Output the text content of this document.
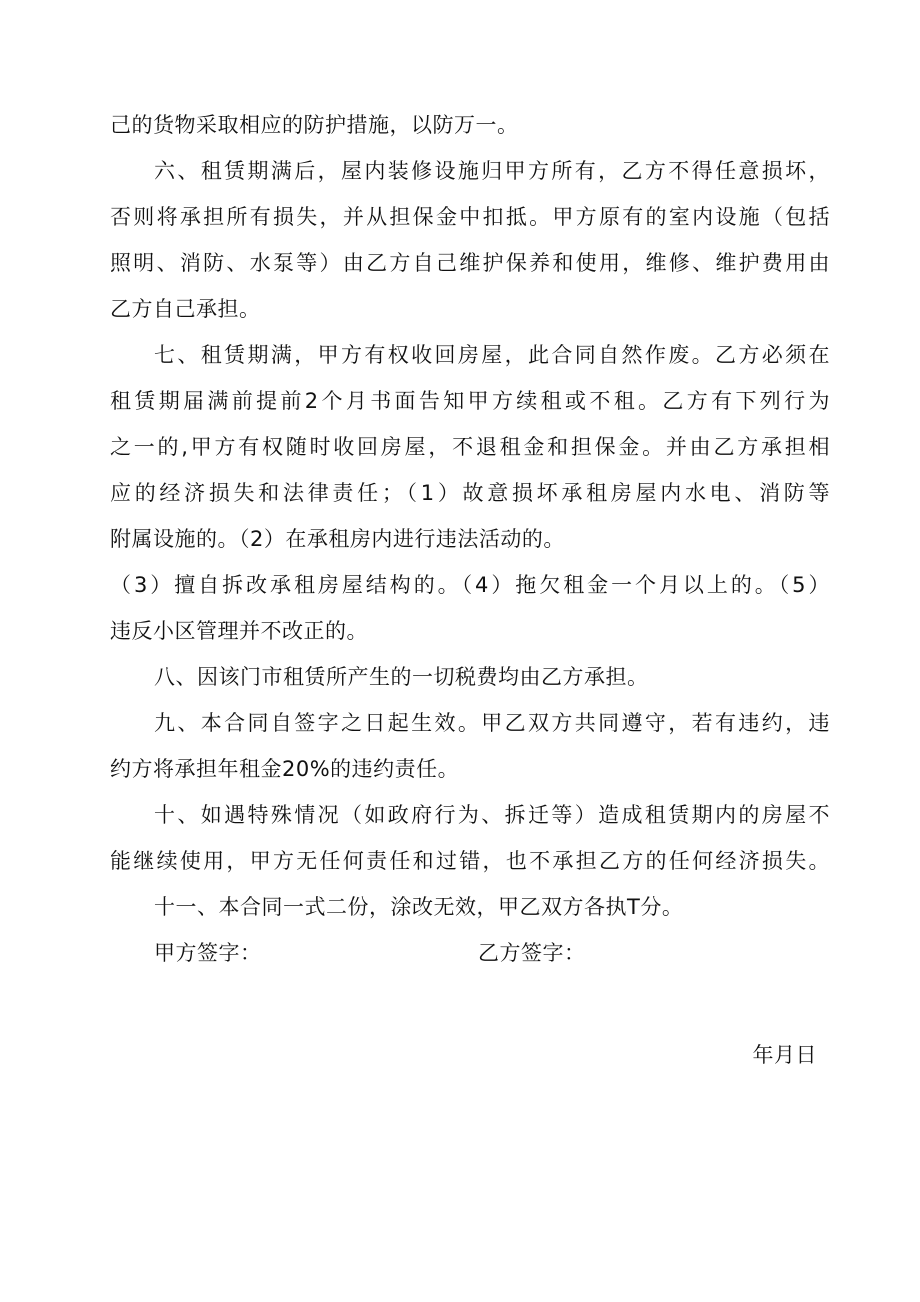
己的货物采取相应的防护措施，以防万一。
六、租赁期满后，屋内装修设施归甲方所有，乙方不得任意损坏，
否则将承担所有损失，并从担保金中扣抵。甲方原有的室内设施（包括
照明、消防、水泵等）由乙方自己维护保养和使用，维修、维护费用由
乙方自己承担。
七、租赁期满，甲方有权收回房屋，此合同自然作废。乙方必须在
租赁期届满前提前2个月书面告知甲方续租或不租。乙方有下列行为
之一的,甲方有权随时收回房屋，不退租金和担保金。并由乙方承担相
应的经济损失和法律责任；（1）故意损坏承租房屋内水电、消防等
附属设施的。（2）在承租房内进行违法活动的。
（3）擅自拆改承租房屋结构的。（4）拖欠租金一个月以上的。（5）
违反小区管理并不改正的。
八、因该门市租赁所产生的一切税费均由乙方承担。
九、本合同自签字之日起生效。甲乙双方共同遵守，若有违约，违
约方将承担年租金20%的违约责任。
十、如遇特殊情况（如政府行为、拆迁等）造成租赁期内的房屋不
能继续使用，甲方无任何责任和过错，也不承担乙方的任何经济损失。
十一、本合同一式二份，涂改无效，甲乙双方各执T分。
甲方签字：	乙方签字：
年月日
